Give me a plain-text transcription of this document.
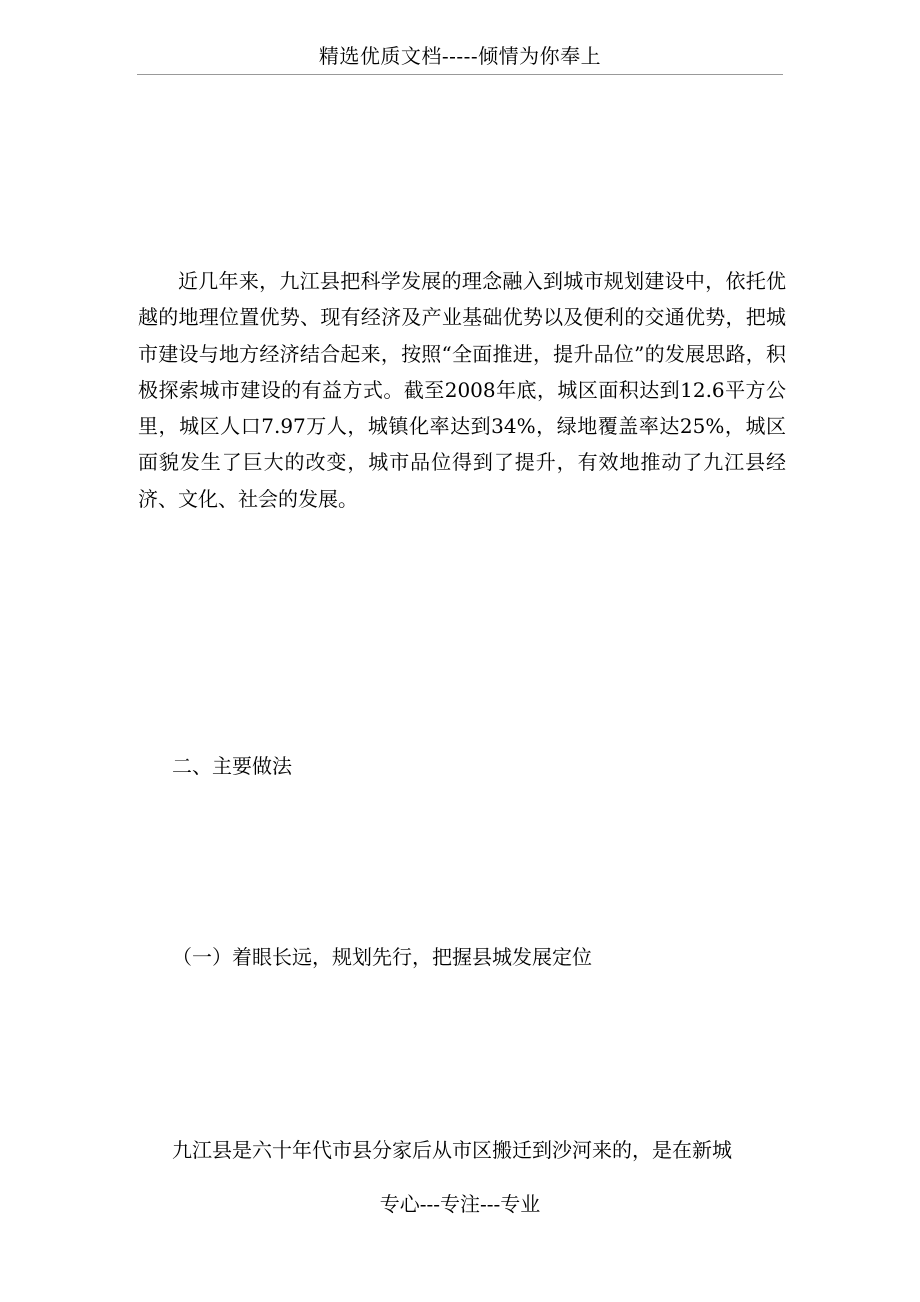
精选优质文档-----倾情为你奉上

近几年来，九江县把科学发展的理念融入到城市规划建设中，依托优越的地理位置优势、现有经济及产业基础优势以及便利的交通优势，把城市建设与地方经济结合起来，按照“全面推进，提升品位”的发展思路，积极探索城市建设的有益方式。截至2008年底，城区面积达到12.6平方公里，城区人口7.97万人，城镇化率达到34%，绿地覆盖率达25%，城区面貌发生了巨大的改变，城市品位得到了提升，有效地推动了九江县经济、文化、社会的发展。

二、主要做法
（一）着眼长远，规划先行，把握县城发展定位
九江县是六十年代市县分家后从市区搬迁到沙河来的，是在新城
专心---专注---专业
